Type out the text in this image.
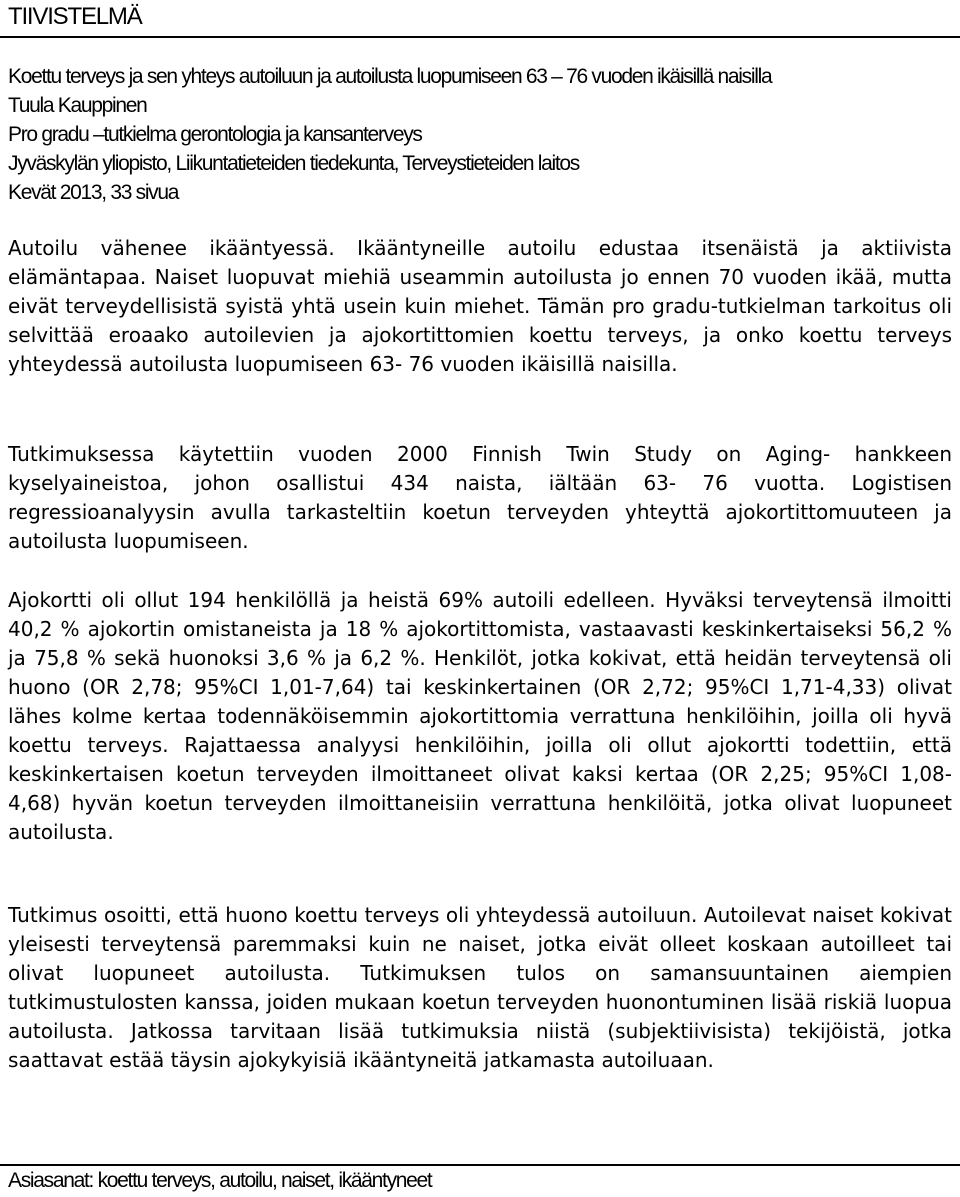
TIIVISTELMÄ
Koettu terveys ja sen yhteys autoiluun ja autoilusta luopumiseen 63 – 76 vuoden ikäisillä naisilla
Tuula Kauppinen
Pro gradu –tutkielma gerontologia ja kansanterveys
Jyväskylän yliopisto, Liikuntatieteiden tiedekunta, Terveystieteiden laitos
Kevät 2013, 33 sivua

Autoilu vähenee ikääntyessä. Ikääntyneille autoilu edustaa itsenäistä ja aktiivista elämäntapaa. Naiset luopuvat miehiä useammin autoilusta jo ennen 70 vuoden ikää, mutta eivät terveydellisistä syistä yhtä usein kuin miehet. Tämän pro gradu-tutkielman tarkoitus oli selvittää eroaako autoilevien ja ajokortittomien koettu terveys, ja onko koettu terveys yhteydessä autoilusta luopumiseen 63- 76 vuoden ikäisillä naisilla.

Tutkimuksessa käytettiin vuoden 2000 Finnish Twin Study on Aging- hankkeen kyselyaineistoa, johon osallistui 434 naista, iältään 63- 76 vuotta. Logistisen regressioanalyysin avulla tarkasteltiin koetun terveyden yhteyttä ajokortittomuuteen ja autoilusta luopumiseen.

Ajokortti oli ollut 194 henkilöllä ja heistä 69% autoili edelleen. Hyväksi terveytensä ilmoitti 40,2 % ajokortin omistaneista ja 18 % ajokortittomista, vastaavasti keskinkertaiseksi 56,2 % ja 75,8 % sekä huonoksi 3,6 % ja 6,2 %. Henkilöt, jotka kokivat, että heidän terveytensä oli huono (OR 2,78; 95%CI 1,01-7,64) tai keskinkertainen (OR 2,72; 95%CI 1,71-4,33) olivat lähes kolme kertaa todennäköisemmin ajokortittomia verrattuna henkilöihin, joilla oli hyvä koettu terveys. Rajattaessa analyysi henkilöihin, joilla oli ollut ajokortti todettiin, että keskinkertaisen koetun terveyden ilmoittaneet olivat kaksi kertaa (OR 2,25; 95%CI 1,08- 4,68) hyvän koetun terveyden ilmoittaneisiin verrattuna henkilöitä, jotka olivat luopuneet autoilusta.

Tutkimus osoitti, että huono koettu terveys oli yhteydessä autoiluun. Autoilevat naiset kokivat yleisesti terveytensä paremmaksi kuin ne naiset, jotka eivät olleet koskaan autoilleet tai olivat luopuneet autoilusta. Tutkimuksen tulos on samansuuntainen aiempien tutkimustulosten kanssa, joiden mukaan koetun terveyden huonontuminen lisää riskiä luopua autoilusta. Jatkossa tarvitaan lisää tutkimuksia niistä (subjektiivisista) tekijöistä, jotka saattavat estää täysin ajokykyisiä ikääntyneitä jatkamasta autoiluaan.

Asiasanat: koettu terveys, autoilu, naiset, ikääntyneet
